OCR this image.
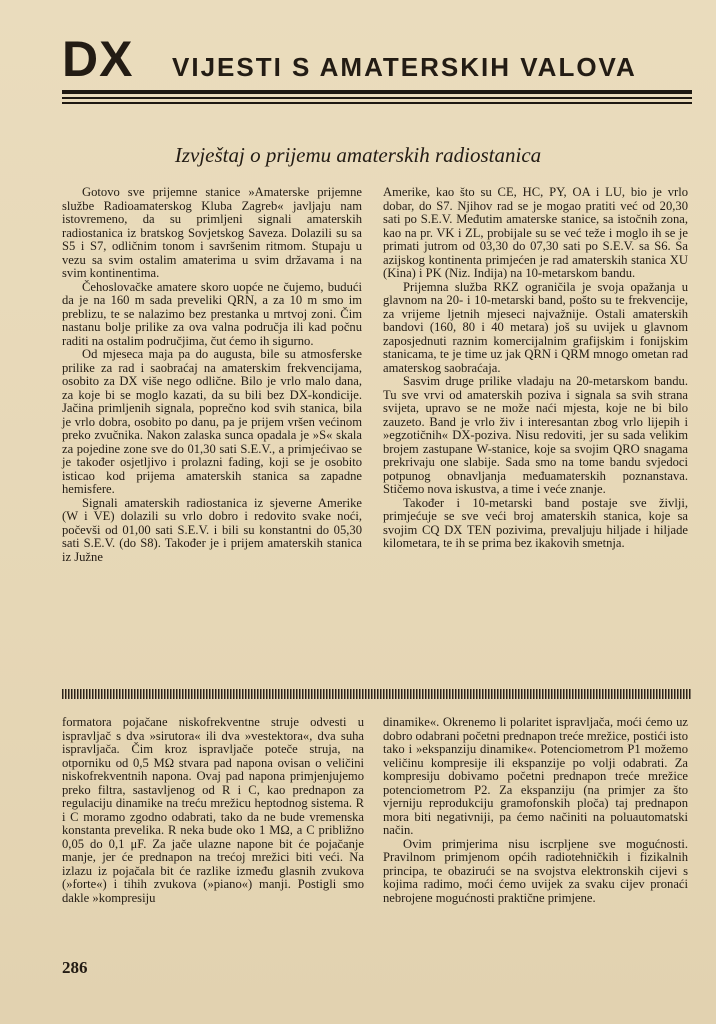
DX VIJESTI S AMATERSKIH VALOVA
Izvještaj o prijemu amaterskih radiostanica

Gotovo sve prijemne stanice »Amaterske prijemne službe Radioamaterskog Kluba Zagreb« javljaju nam istovremeno, da su primljeni signali amaterskih radiostanica iz bratskog Sovjetskog Saveza. Dolazili su sa S5 i S7, odličnim tonom i savršenim ritmom. Stupaju u vezu sa svim ostalim amaterima u svim državama i na svim kontinentima.

Čehoslovačke amatere skoro uopće ne čujemo, budući da je na 160 m sada preveliki QRN, a za 10 m smo im preblizu, te se nalazimo bez prestanka u mrtvoj zoni. Čim nastanu bolje prilike za ova valna područja ili kad počnu raditi na ostalim područjima, čut ćemo ih sigurno.

Od mjeseca maja pa do augusta, bile su atmosferske prilike za rad i saobraćaj na amaterskim frekvencijama, osobito za DX više nego odlične. Bilo je vrlo malo dana, za koje bi se moglo kazati, da su bili bez DX-kondicije. Jačina primljenih signala, poprečno kod svih stanica, bila je vrlo dobra, osobito po danu, pa je prijem vršen većinom preko zvučnika. Nakon zalaska sunca opadala je »S« skala za pojedine zone sve do 01,30 sati S.E.V., a primjećivao se je također osjetljivo i prolazni fading, koji se je osobito isticao kod prijema amaterskih stanica sa zapadne hemisfere.

Signali amaterskih radiostanica iz sjeverne Amerike (W i VE) dolazili su vrlo dobro i redovito svake noći, počevši od 01,00 sati S.E.V. i bili su konstantni do 05,30 sati S.E.V. (do S8). Također je i prijem amaterskih stanica iz Južne

Amerike, kao što su CE, HC, PY, OA i LU, bio je vrlo dobar, do S7. Njihov rad se je mogao pratiti već od 20,30 sati po S.E.V. Međutim amaterske stanice, sa istočnih zona, kao na pr. VK i ZL, probijale su se već teže i moglo ih se je primati jutrom od 03,30 do 07,30 sati po S.E.V. sa S6. Sa azijskog kontinenta primjećen je rad amaterskih stanica XU (Kina) i PK (Niz. Indija) na 10-metarskom bandu.

Prijemna služba RKZ ograničila je svoja opažanja u glavnom na 20- i 10-metarski band, pošto su te frekvencije, za vrijeme ljetnih mjeseci najvažnije. Ostali amaterskih bandovi (160, 80 i 40 metara) još su uvijek u glavnom zaposjednuti raznim komercijalnim grafijskim i fonijskim stanicama, te je time uz jak QRN i QRM mnogo ometan rad amaterskog saobraćaja.

Sasvim druge prilike vladaju na 20-metarskom bandu. Tu sve vrvi od amaterskih poziva i signala sa svih strana svijeta, upravo se ne može naći mjesta, koje ne bi bilo zauzeto. Band je vrlo živ i interesantan zbog vrlo lijepih i »egzotičnih« DX-poziva. Nisu redoviti, jer su sada velikim brojem zastupane W-stanice, koje sa svojim QRO snagama prekrivaju one slabije. Sada smo na tome bandu svjedoci potpunog obnavljanja međuamaterskih poznanstava. Stičemo nova iskustva, a time i veće znanje.

Također i 10-metarski band postaje sve življi, primjećuje se sve veći broj amaterskih stanica, koje sa svojim CQ DX TEN pozivima, prevaljuju hiljade i hiljade kilometara, te ih se prima bez ikakovih smetnja.

formatora pojačane niskofrekventne struje odvesti u ispravljač s dva »sirutora« ili dva »vestektora«, dva suha ispravljača. Čim kroz ispravljače poteče struja, na otporniku od 0,5 MΩ stvara pad napona ovisan o veličini niskofrekventnih napona. Ovaj pad napona primjenjujemo preko filtra, sastavljenog od R i C, kao prednapon za regulaciju dinamike na treću mrežicu heptodnog sistema. R i C moramo zgodno odabrati, tako da ne bude vremenska konstanta prevelika. R neka bude oko 1 MΩ, a C približno 0,05 do 0,1 μF. Za jače ulazne napone bit će pojačanje manje, jer će prednapon na trećoj mrežici biti veći. Na izlazu iz pojačala bit će razlike između glasnih zvukova (»forte«) i tihih zvukova (»piano«) manji. Postigli smo dakle »kompresiju

dinamike«. Okrenemo li polaritet ispravljača, moći ćemo uz dobro odabrani početni prednapon treće mrežice, postići isto tako i »ekspanziju dinamike«. Potenciometrom P1 možemo veličinu kompresije ili ekspanzije po volji odabrati. Za kompresiju dobivamo početni prednapon treće mrežice potenciometrom P2. Za ekspanziju (na primjer za što vjerniju reprodukciju gramofonskih ploča) taj prednapon mora biti negativniji, pa ćemo načiniti na poluautomatski način.

Ovim primjerima nisu iscrpljene sve mogućnosti. Pravilnom primjenom općih radiotehničkih i fizikalnih principa, te obazirući se na svojstva elektronskih cijevi s kojima radimo, moći ćemo uvijek za svaku cijev pronaći nebrojene mogućnosti praktične primjene.

286
